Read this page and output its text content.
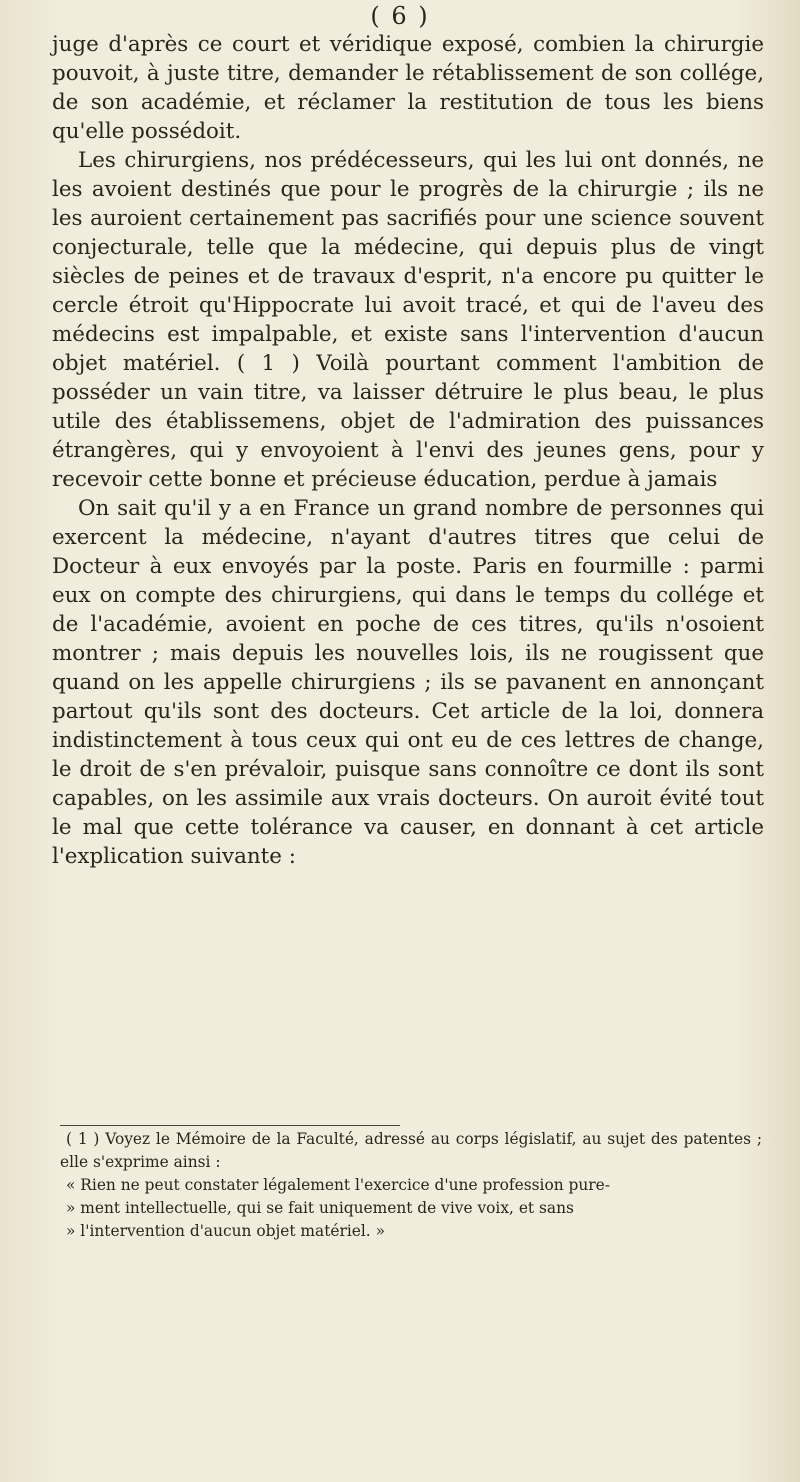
( 6 )

juge d'après ce court et véridique exposé, combien la chirurgie pouvoit, à juste titre, demander le rétablissement de son collége, de son académie, et réclamer la restitution de tous les biens qu'elle possédoit.

Les chirurgiens, nos prédécesseurs, qui les lui ont donnés, ne les avoient destinés que pour le progrès de la chirurgie ; ils ne les auroient certainement pas sacrifiés pour une science souvent conjecturale, telle que la médecine, qui depuis plus de vingt siècles de peines et de travaux d'esprit, n'a encore pu quitter le cercle étroit qu'Hippocrate lui avoit tracé, et qui de l'aveu des médecins est impalpable, et existe sans l'intervention d'aucun objet matériel. ( 1 ) Voilà pourtant comment l'ambition de posséder un vain titre, va laisser détruire le plus beau, le plus utile des établissemens, objet de l'admiration des puissances étrangères, qui y envoyoient à l'envi des jeunes gens, pour y recevoir cette bonne et précieuse éducation, perdue à jamais

On sait qu'il y a en France un grand nombre de personnes qui exercent la médecine, n'ayant d'autres titres que celui de Docteur à eux envoyés par la poste. Paris en fourmille : parmi eux on compte des chirurgiens, qui dans le temps du collége et de l'académie, avoient en poche de ces titres, qu'ils n'osoient montrer ; mais depuis les nouvelles lois, ils ne rougissent que quand on les appelle chirurgiens ; ils se pavanent en annonçant partout qu'ils sont des docteurs. Cet article de la loi, donnera indistinctement à tous ceux qui ont eu de ces lettres de change, le droit de s'en prévaloir, puisque sans connoître ce dont ils sont capables, on les assimile aux vrais docteurs. On auroit évité tout le mal que cette tolérance va causer, en donnant à cet article l'explication suivante :

( 1 ) Voyez le Mémoire de la Faculté, adressé au corps législatif, au sujet des patentes ; elle s'exprime ainsi :

« Rien ne peut constater légalement l'exercice d'une profession pure-

» ment intellectuelle, qui se fait uniquement de vive voix, et sans

» l'intervention d'aucun objet matériel. »
